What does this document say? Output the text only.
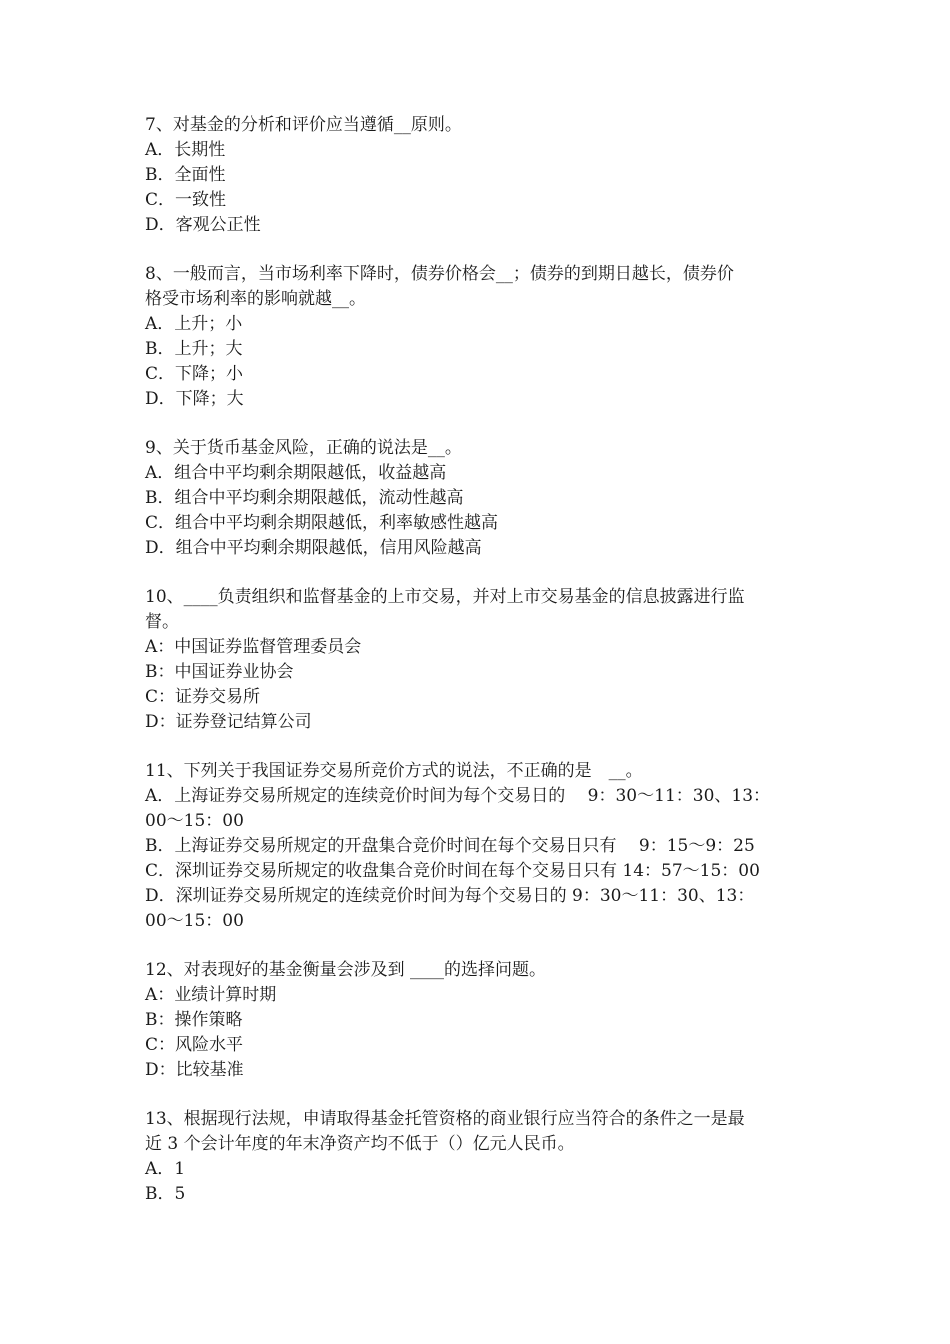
7、对基金的分析和评价应当遵循__原则。
A．长期性
B．全面性
C．一致性
D．客观公正性
8、一般而言，当市场利率下降时，债券价格会__；债券的到期日越长，债券价
格受市场利率的影响就越__。
A．上升；小
B．上升；大
C．下降；小
D．下降；大
9、关于货币基金风险，正确的说法是__。
A．组合中平均剩余期限越低，收益越高
B．组合中平均剩余期限越低，流动性越高
C．组合中平均剩余期限越低，利率敏感性越高
D．组合中平均剩余期限越低，信用风险越高
10、____负责组织和监督基金的上市交易，并对上市交易基金的信息披露进行监
督。
A：中国证券监督管理委员会
B：中国证券业协会
C：证券交易所
D：证券登记结算公司
11、下列关于我国证券交易所竞价方式的说法，不正确的是　__。
A．上海证券交易所规定的连续竞价时间为每个交易日的　 9：30～11：30、13：
00～15：00
B．上海证券交易所规定的开盘集合竞价时间在每个交易日只有　 9：15～9：25
C．深圳证券交易所规定的收盘集合竞价时间在每个交易日只有 14：57～15：00
D．深圳证券交易所规定的连续竞价时间为每个交易日的 9：30～11：30、13：
00～15：00
12、对表现好的基金衡量会涉及到 ____的选择问题。
A：业绩计算时期
B：操作策略
C：风险水平
D：比较基准
13、根据现行法规，申请取得基金托管资格的商业银行应当符合的条件之一是最
近 3 个会计年度的年末净资产均不低于（）亿元人民币。
A．1
B．5
